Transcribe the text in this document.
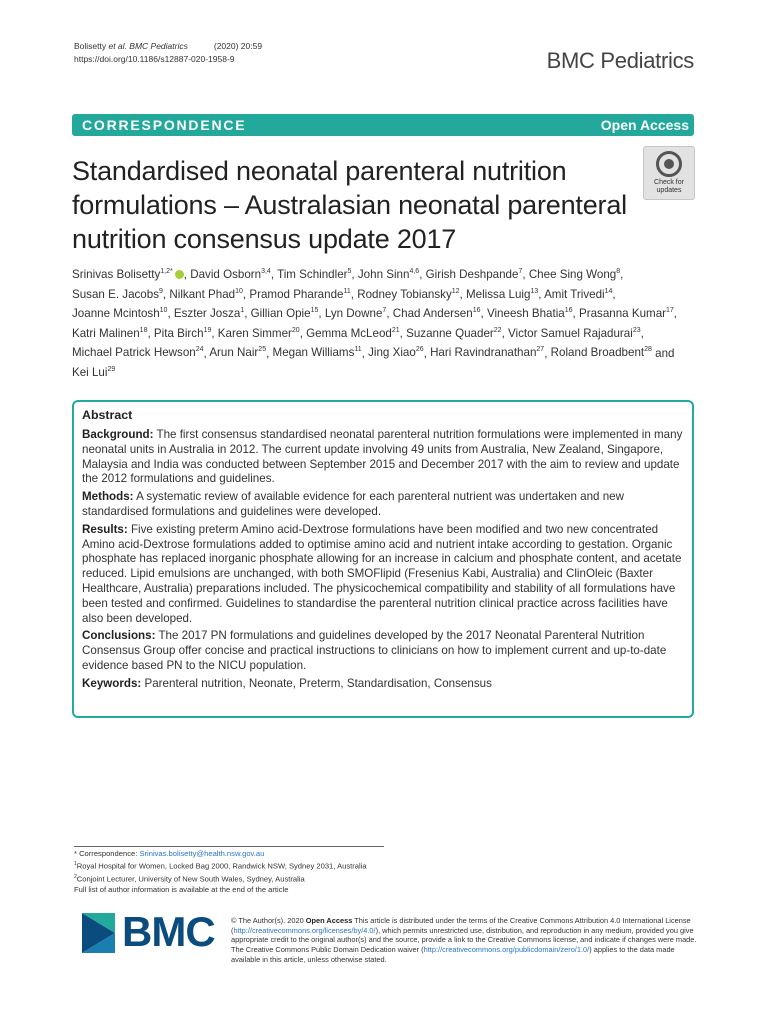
Bolisetty et al. BMC Pediatrics	(2020) 20:59
https://doi.org/10.1186/s12887-020-1958-9	BMC Pediatrics
CORRESPONDENCE	Open Access
Standardised neonatal parenteral nutrition formulations – Australasian neonatal parenteral nutrition consensus update 2017
Check for
updates
Srinivas Bolisetty$^{1,2*}$ , David Osborn$^{3,4}$, Tim Schindler$^5$, John Sinn$^{4,6}$, Girish Deshpande$^7$, Chee Sing Wong$^8$, Susan E. Jacobs$^9$, Nilkant Phad$^{10}$, Pramod Pharande$^{11}$, Rodney Tobiansky$^{12}$, Melissa Luig$^{13}$, Amit Trivedi$^{14}$, Joanne Mcintosh$^{10}$, Eszter Josza$^1$, Gillian Opie$^{15}$, Lyn Downe$^7$, Chad Andersen$^{16}$, Vineesh Bhatia$^{16}$, Prasanna Kumar$^{17}$, Katri Malinen$^{18}$, Pita Birch$^{19}$, Karen Simmer$^{20}$, Gemma McLeod$^{21}$, Suzanne Quader$^{22}$, Victor Samuel Rajadurai$^{23}$, Michael Patrick Hewson$^{24}$, Arun Nair$^{25}$, Megan Williams$^{11}$, Jing Xiao$^{26}$, Hari Ravindranathan$^{27}$, Roland Broadbent$^{28}$ and Kei Lui$^{29}$
Abstract

Background: The first consensus standardised neonatal parenteral nutrition formulations were implemented in many neonatal units in Australia in 2012. The current update involving 49 units from Australia, New Zealand, Singapore, Malaysia and India was conducted between September 2015 and December 2017 with the aim to review and update the 2012 formulations and guidelines.

Methods: A systematic review of available evidence for each parenteral nutrient was undertaken and new standardised formulations and guidelines were developed.

Results: Five existing preterm Amino acid-Dextrose formulations have been modified and two new concentrated Amino acid-Dextrose formulations added to optimise amino acid and nutrient intake according to gestation. Organic phosphate has replaced inorganic phosphate allowing for an increase in calcium and phosphate content, and acetate reduced. Lipid emulsions are unchanged, with both SMOFlipid (Fresenius Kabi, Australia) and ClinOleic (Baxter Healthcare, Australia) preparations included. The physicochemical compatibility and stability of all formulations have been tested and confirmed. Guidelines to standardise the parenteral nutrition clinical practice across facilities have also been developed.

Conclusions: The 2017 PN formulations and guidelines developed by the 2017 Neonatal Parenteral Nutrition Consensus Group offer concise and practical instructions to clinicians on how to implement current and up-to-date evidence based PN to the NICU population.

Keywords: Parenteral nutrition, Neonate, Preterm, Standardisation, Consensus

* Correspondence: Srinivas.bolisetty@health.nsw.gov.au
$^1$Royal Hospital for Women, Locked Bag 2000, Randwick NSW, Sydney 2031, Australia
$^2$Conjoint Lecturer, University of New South Wales, Sydney, Australia
Full list of author information is available at the end of the article
BMC © The Author(s). 2020 Open Access This article is distributed under the terms of the Creative Commons Attribution 4.0 International License (http://creativecommons.org/licenses/by/4.0/), which permits unrestricted use, distribution, and reproduction in any medium, provided you give appropriate credit to the original author(s) and the source, provide a link to the Creative Commons license, and indicate if changes were made. The Creative Commons Public Domain Dedication waiver (http://creativecommons.org/publicdomain/zero/1.0/) applies to the data made available in this article, unless otherwise stated.
